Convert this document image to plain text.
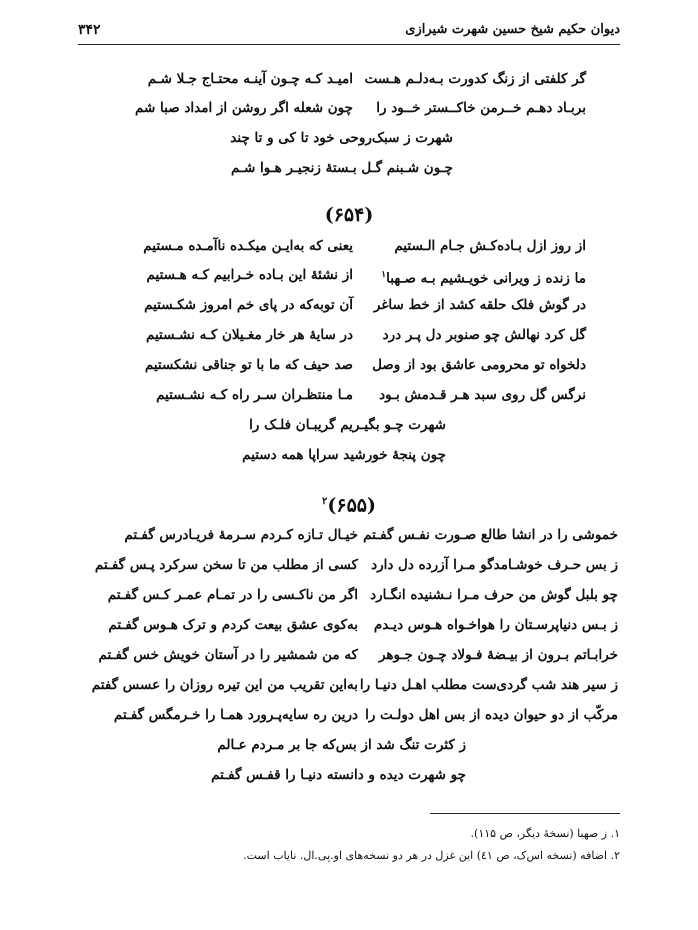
دیوان حکیم شیخ حسین شهرت شیرازی
۳۴۲
گر کلفتی از زنگ کدورت بـه‌دلـم هـست
امیـد کـه چـون آینـه محتـاج جـلا شـم
بربـاد دهـم خــرمن خاکــستر خــود را
چون شعله اگر روشن از امداد صبا شم
شهرت ز سبک‌روحی خود تا کی و تا چند
چـون شـبنم گـل بـستهٔ زنجیـر هـوا شـم
(۶۵۴)
از روز ازل بـاده‌کـش جـام الـستیم
یعنی که به‌ایـن میکـده ناآمـده مـستیم
ما زنده ز ویرانی خویـشیم بـه صـهبا$^۱$
از نشئهٔ این بـاده خـرابیم کـه هـستیم
در گوش فلک حلقه کشد از خط ساغر
آن توبه‌که در پای خم امروز شکـستیم
گل کرد نهالش چو صنوبر دل پـر درد
در سایهٔ هر خار مغـیلان کـه نشـستیم
دلخواه تو محرومی عاشق بود از وصل
صد حیف که ما با تو جناقی نشکستیم
نرگس گل روی سبد هـر قـدمش بـود
مـا منتظـران سـر راه کـه نشـستیم
شهرت چـو بگیـریم گریبـان فلـک را
چون پنجهٔ خورشید سراپا همه دستیم
(۶۵۵)$^۲$
خموشی را در انشا طالع صـورت نفـس گفـتم
خیـال تـازه کـردم سـرمهٔ فریـادرس گفـتم
ز بس حـرف خوشـامدگو مـرا آزرده دل دارد
کسی از مطلب من تا سخن سرکرد پـس گفـتم
چو بلبل گوش من حرف مـرا نـشنیده انگـارد
اگر من ناکـسی را در تمـام عمـر کـس گفـتم
ز بـس دنیاپرسـتان را هواخـواه هـوس دیـدم
به‌کوی عشق بیعت کردم و ترک هـوس گفـتم
خرابـاتم بـرون از بیـضهٔ فـولاد چـون جـوهر
که من شمشیر را در آستان خویش خس گفـتم
ز سیر هند شب گردی‌ست مطلب اهـل دنیـا را
به‌این تقریب من این تیره روزان را عسس گفتم
مرکّب از دو حیوان دیده از بس اهل دولـت را
درین ره سایه‌پـرورد همـا را خـرمگس گفـتم
ز کثرت تنگ شد از بس‌که جا بر مـردم عـالم
چو شهرت دیده و دانسته دنیـا را قفـس گفـتم
۱. ز صهبا (نسخهٔ دیگر، ص ۱۱۵).
۲. اضافه (نسخه اس‌ک، ص ٤١) این غزل در هر دو نسخه‌های او.پی.ال. نایاب است.
